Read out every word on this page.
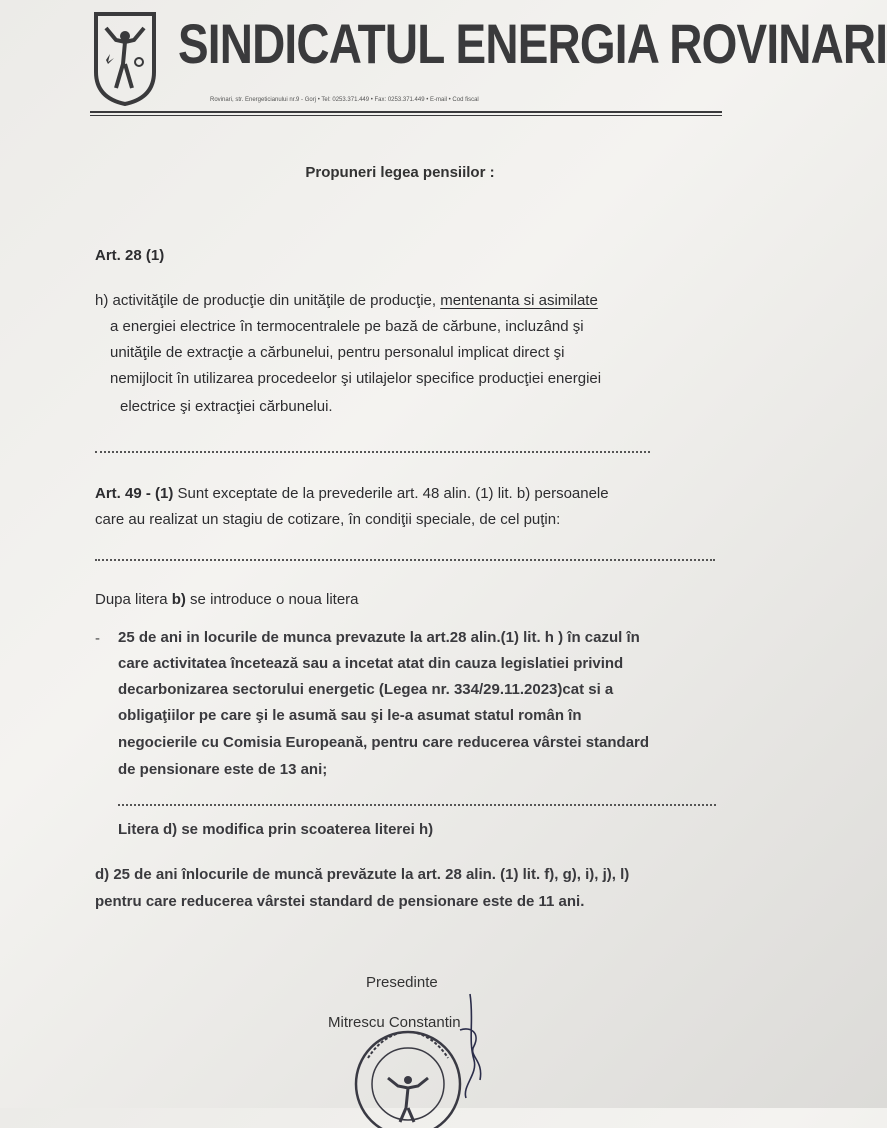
SINDICATUL ENERGIA ROVINARI
Rovinari, str. Energeticianului nr.9 - Gorj • Tel: 0253.371.449 • Fax: 0253.371.449 • E-mail • Cod fiscal
Propuneri legea pensiilor :
Art. 28 (1)
h) activităţile de producţie din unităţile de producţie, mentenanta si asimilate
a energiei electrice în termocentralele pe bază de cărbune, incluzând şi
unităţile de extracţie a cărbunelui, pentru personalul implicat direct şi
nemijlocit în utilizarea procedeelor şi utilajelor specifice producţiei energiei
electrice şi extracţiei cărbunelui.
Art. 49 - (1) Sunt exceptate de la prevederile art. 48 alin. (1) lit. b) persoanele
care au realizat un stagiu de cotizare, în condiţii speciale, de cel puţin:
Dupa litera b) se introduce o noua litera
- 25 de ani in locurile de munca prevazute la art.28 alin.(1) lit. h ) în cazul în
care activitatea încetează sau a incetat atat din cauza legislatiei privind
decarbonizarea sectorului energetic (Legea nr. 334/29.11.2023)cat si a
obligaţiilor pe care şi le asumă sau şi le-a asumat statul român în
negocierile cu Comisia Europeană, pentru care reducerea vârstei standard
de pensionare este de 13 ani;
Litera d) se modifica prin scoaterea literei h)
d) 25 de ani înlocurile de muncă prevăzute la art. 28 alin. (1) lit. f), g), i), j), l)
pentru care reducerea vârstei standard de pensionare este de 11 ani.
Presedinte
Mitrescu Constantin
